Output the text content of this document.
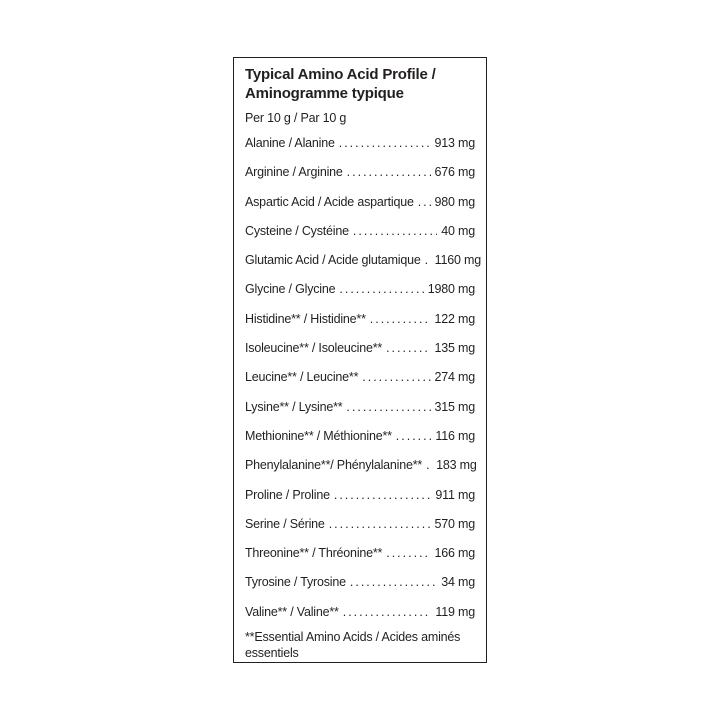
Typical Amino Acid Profile /
Aminogramme typique
Per 10 g / Par 10 g
Alanine / Alanine .....	913 mg
Arginine / Arginine .....	676 mg
Aspartic Acid / Acide aspartique ..... 980 mg
Cysteine / Cystéine .....	40 mg
Glutamic Acid / Acide glutamique ..... 1160 mg
Glycine / Glycine .....	1980 mg
Histidine** / Histidine** .....	122 mg
Isoleucine** / Isoleucine** .....	135 mg
Leucine** / Leucine** .....	274 mg
Lysine** / Lysine** .....	315 mg
Methionine** / Méthionine** .....	116 mg
Phenylalanine**/ Phénylalanine** ..... 183 mg
Proline / Proline .....	911 mg
Serine / Sérine .....	570 mg
Threonine** / Thréonine** .....	166 mg
Tyrosine / Tyrosine .....	34 mg
Valine** / Valine** .....	119 mg
**Essential Amino Acids / Acides aminés essentiels
